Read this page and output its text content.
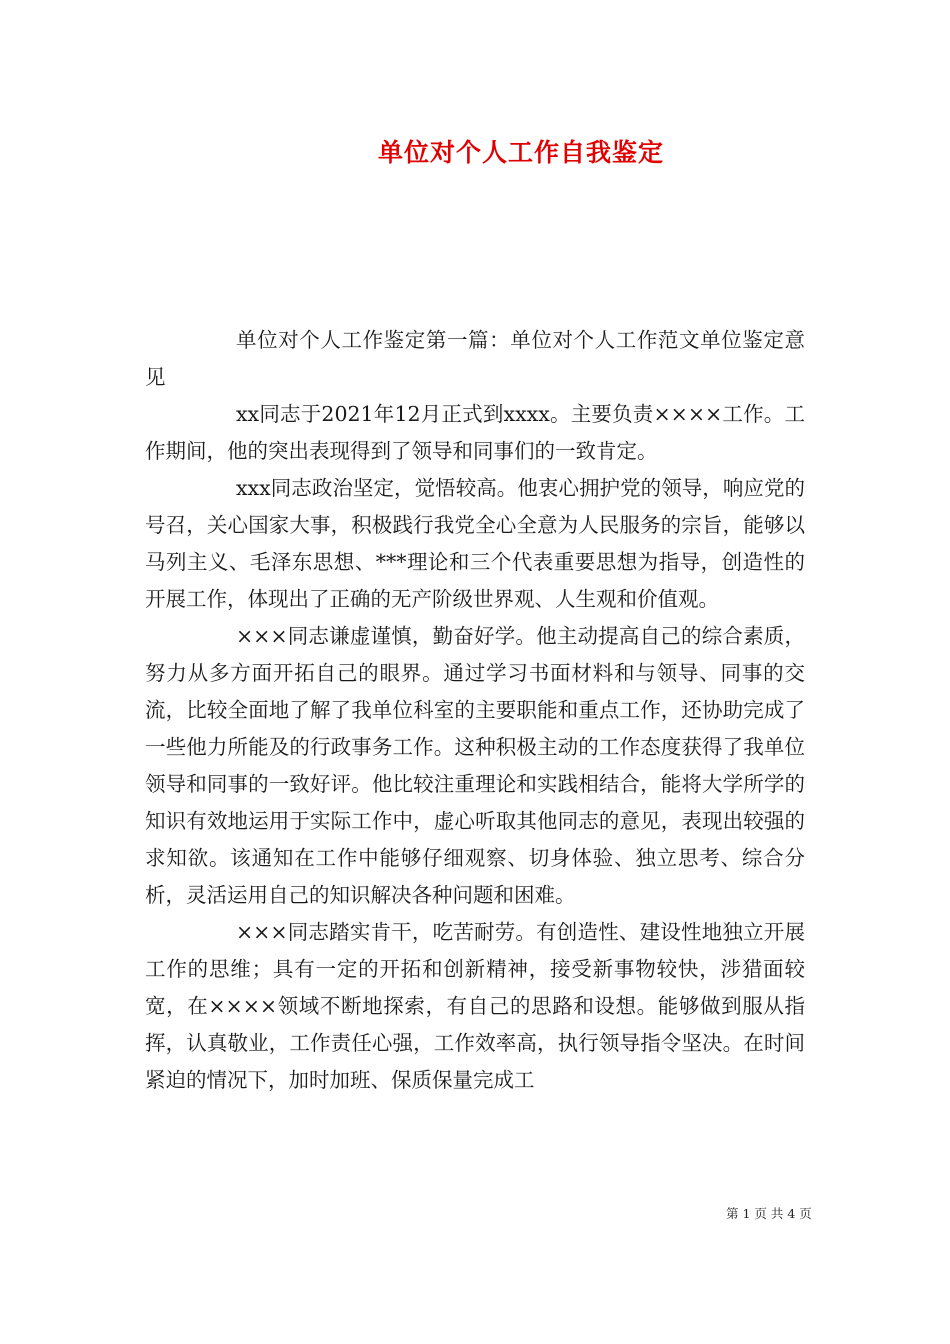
单位对个人工作自我鉴定

单位对个人工作鉴定第一篇：单位对个人工作范文单位鉴定意见

xx同志于2021年12月正式到xxxx。主要负责××××工作。工作期间，他的突出表现得到了领导和同事们的一致肯定。

xxx同志政治坚定，觉悟较高。他衷心拥护党的领导，响应党的号召，关心国家大事，积极践行我党全心全意为人民服务的宗旨，能够以马列主义、毛泽东思想、***理论和三个代表重要思想为指导，创造性的开展工作，体现出了正确的无产阶级世界观、人生观和价值观。

×××同志谦虚谨慎，勤奋好学。他主动提高自己的综合素质，努力从多方面开拓自己的眼界。通过学习书面材料和与领导、同事的交流，比较全面地了解了我单位科室的主要职能和重点工作，还协助完成了一些他力所能及的行政事务工作。这种积极主动的工作态度获得了我单位领导和同事的一致好评。他比较注重理论和实践相结合，能将大学所学的知识有效地运用于实际工作中，虚心听取其他同志的意见，表现出较强的求知欲。该通知在工作中能够仔细观察、切身体验、独立思考、综合分析，灵活运用自己的知识解决各种问题和困难。

×××同志踏实肯干，吃苦耐劳。有创造性、建设性地独立开展工作的思维；具有一定的开拓和创新精神，接受新事物较快，涉猎面较宽，在××××领域不断地探索，有自己的思路和设想。能够做到服从指挥，认真敬业，工作责任心强，工作效率高，执行领导指令坚决。在时间紧迫的情况下，加时加班、保质保量完成工

第 1 页 共 4 页
